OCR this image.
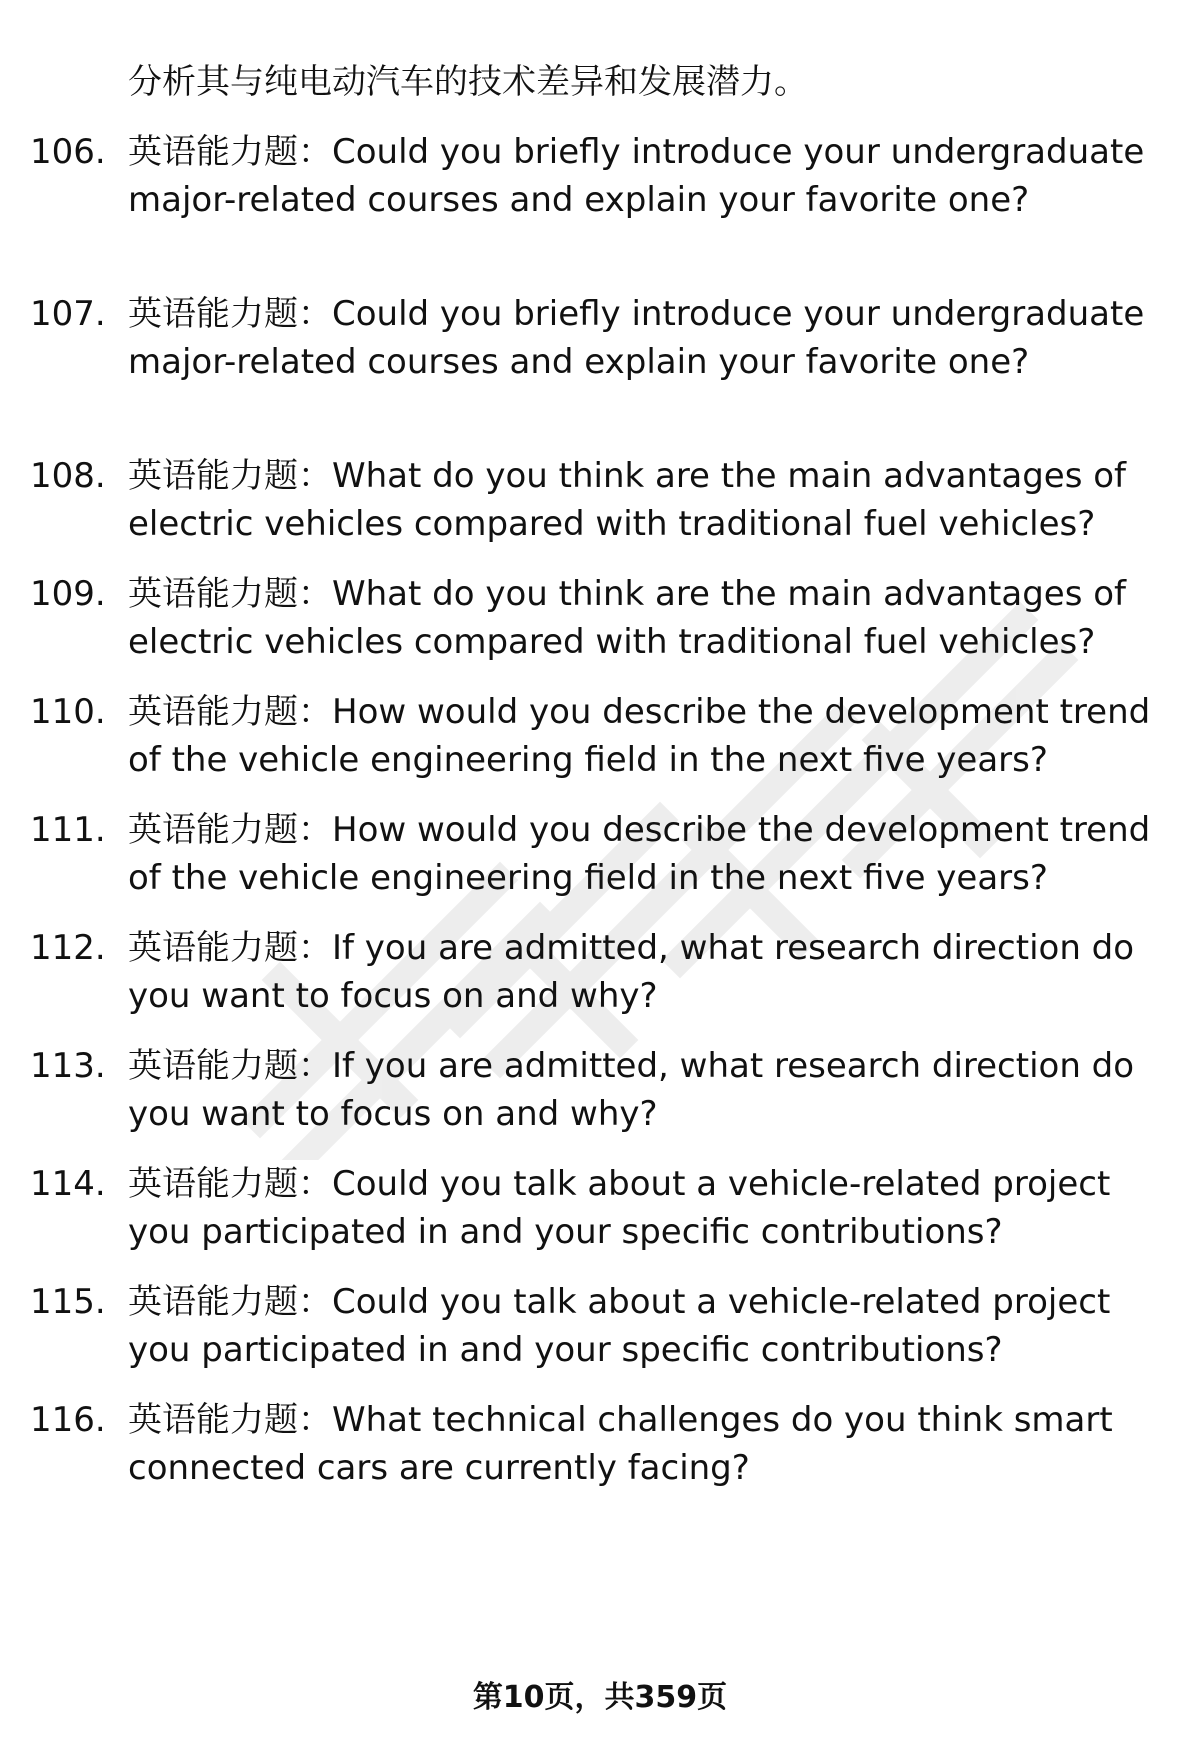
分析其与纯电动汽车的技术差异和发展潜力。
106. 英语能力题：Could you briefly introduce your undergraduate major-related courses and explain your favorite one?
107. 英语能力题：Could you briefly introduce your undergraduate major-related courses and explain your favorite one?
108. 英语能力题：What do you think are the main advantages of electric vehicles compared with traditional fuel vehicles?
109. 英语能力题：What do you think are the main advantages of electric vehicles compared with traditional fuel vehicles?
110. 英语能力题：How would you describe the development trend of the vehicle engineering field in the next five years?
111. 英语能力题：How would you describe the development trend of the vehicle engineering field in the next five years?
112. 英语能力题：If you are admitted, what research direction do you want to focus on and why?
113. 英语能力题：If you are admitted, what research direction do you want to focus on and why?
114. 英语能力题：Could you talk about a vehicle-related project you participated in and your specific contributions?
115. 英语能力题：Could you talk about a vehicle-related project you participated in and your specific contributions?
116. 英语能力题：What technical challenges do you think smart connected cars are currently facing?
第10页，共359页
